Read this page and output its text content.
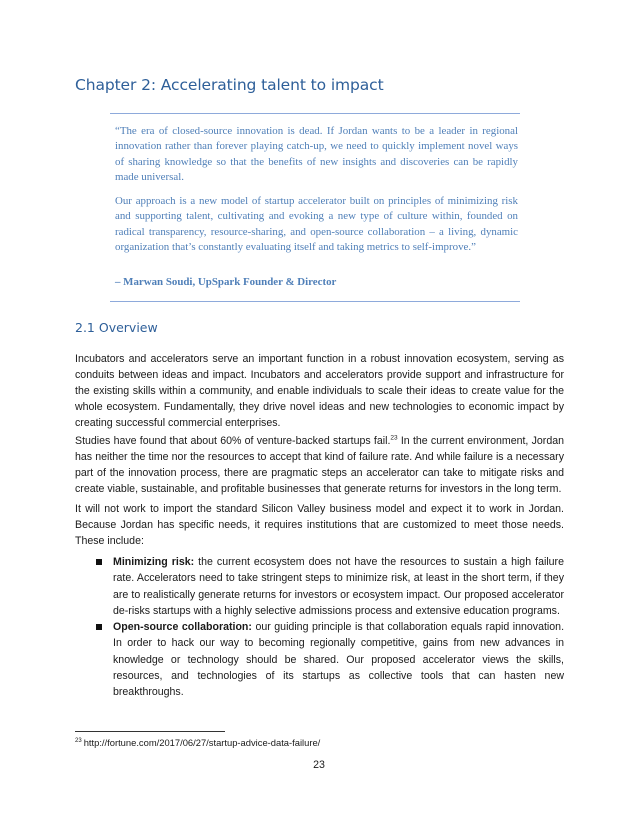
Chapter 2: Accelerating talent to impact

“The era of closed-source innovation is dead. If Jordan wants to be a leader in regional innovation rather than forever playing catch-up, we need to quickly implement novel ways of sharing knowledge so that the benefits of new insights and discoveries can be rapidly made universal.

Our approach is a new model of startup accelerator built on principles of minimizing risk and supporting talent, cultivating and evoking a new type of culture within, founded on radical transparency, resource-sharing, and open-source collaboration – a living, dynamic organization that’s constantly evaluating itself and taking metrics to self-improve.”

– Marwan Soudi, UpSpark Founder & Director
2.1 Overview

Incubators and accelerators serve an important function in a robust innovation ecosystem, serving as conduits between ideas and impact. Incubators and accelerators provide support and infrastructure for the existing skills within a community, and enable individuals to scale their ideas to create value for the whole ecosystem. Fundamentally, they drive novel ideas and new technologies to economic impact by creating successful commercial enterprises.

Studies have found that about 60% of venture-backed startups fail.$^{23}$ In the current environment, Jordan has neither the time nor the resources to accept that kind of failure rate. And while failure is a necessary part of the innovation process, there are pragmatic steps an accelerator can take to mitigate risks and create viable, sustainable, and profitable businesses that generate returns for investors in the long term.

It will not work to import the standard Silicon Valley business model and expect it to work in Jordan. Because Jordan has specific needs, it requires institutions that are customized to meet those needs. These include:

Minimizing risk: the current ecosystem does not have the resources to sustain a high failure rate. Accelerators need to take stringent steps to minimize risk, at least in the short term, if they are to realistically generate returns for investors or ecosystem impact. Our proposed accelerator de-risks startups with a highly selective admissions process and extensive education programs.
Open-source collaboration: our guiding principle is that collaboration equals rapid innovation. In order to hack our way to becoming regionally competitive, gains from new advances in knowledge or technology should be shared. Our proposed accelerator views the skills, resources, and technologies of its startups as collective tools that can hasten new breakthroughs.
$^{23}$ http://fortune.com/2017/06/27/startup-advice-data-failure/
23
